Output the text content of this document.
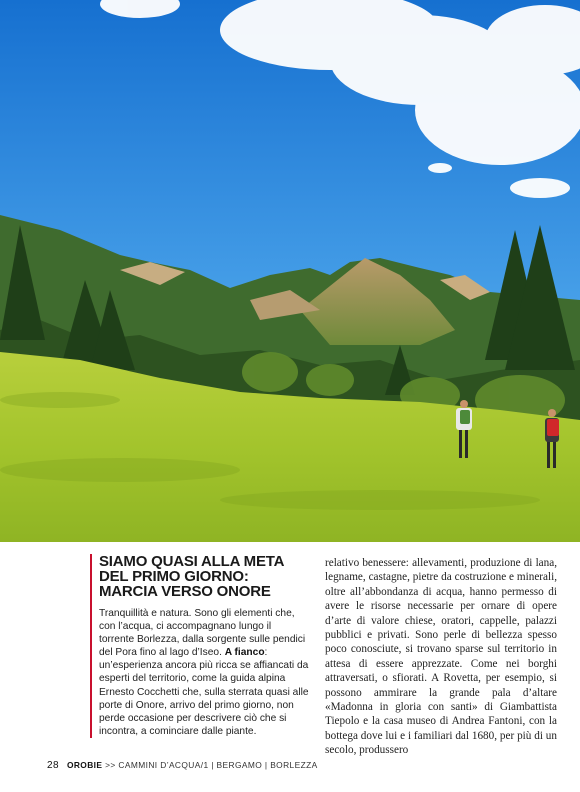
SIAMO QUASI ALLA META
DEL PRIMO GIORNO:
MARCIA VERSO ONORE

Tranquillità e natura. Sono gli elementi che, con l’acqua, ci accompagnano lungo il torrente Borlezza, dalla sorgente sulle pendici del Pora fino al lago d’Iseo. A fianco: un’esperienza ancora più ricca se affiancati da esperti del territorio, come la guida alpina Ernesto Cocchetti che, sulla sterrata quasi alle porte di Onore, arrivo del primo giorno, non perde occasione per descrivere ciò che si incontra, a cominciare dalle piante.

relativo benessere: allevamenti, produzione di lana, legname, castagne, pietre da costruzione e minerali, oltre all’abbondanza di acqua, hanno permesso di avere le risorse necessarie per ornare di opere d’arte di valore chiese, oratori, cappelle, palazzi pubblici e privati. Sono perle di bellezza spesso poco conosciute, si trovano sparse sul territorio in attesa di essere apprezzate. Come nei borghi attraversati, o sfiorati. A Rovetta, per esempio, si possono ammirare la grande pala d’altare «Madonna in gloria con santi» di Giambattista Tiepolo e la casa museo di Andrea Fantoni, con la bottega dove lui e i familiari dal 1680, per più di un secolo, produssero

28 OROBIE >> CAMMINI D’ACQUA/1 | BERGAMO | BORLEZZA
